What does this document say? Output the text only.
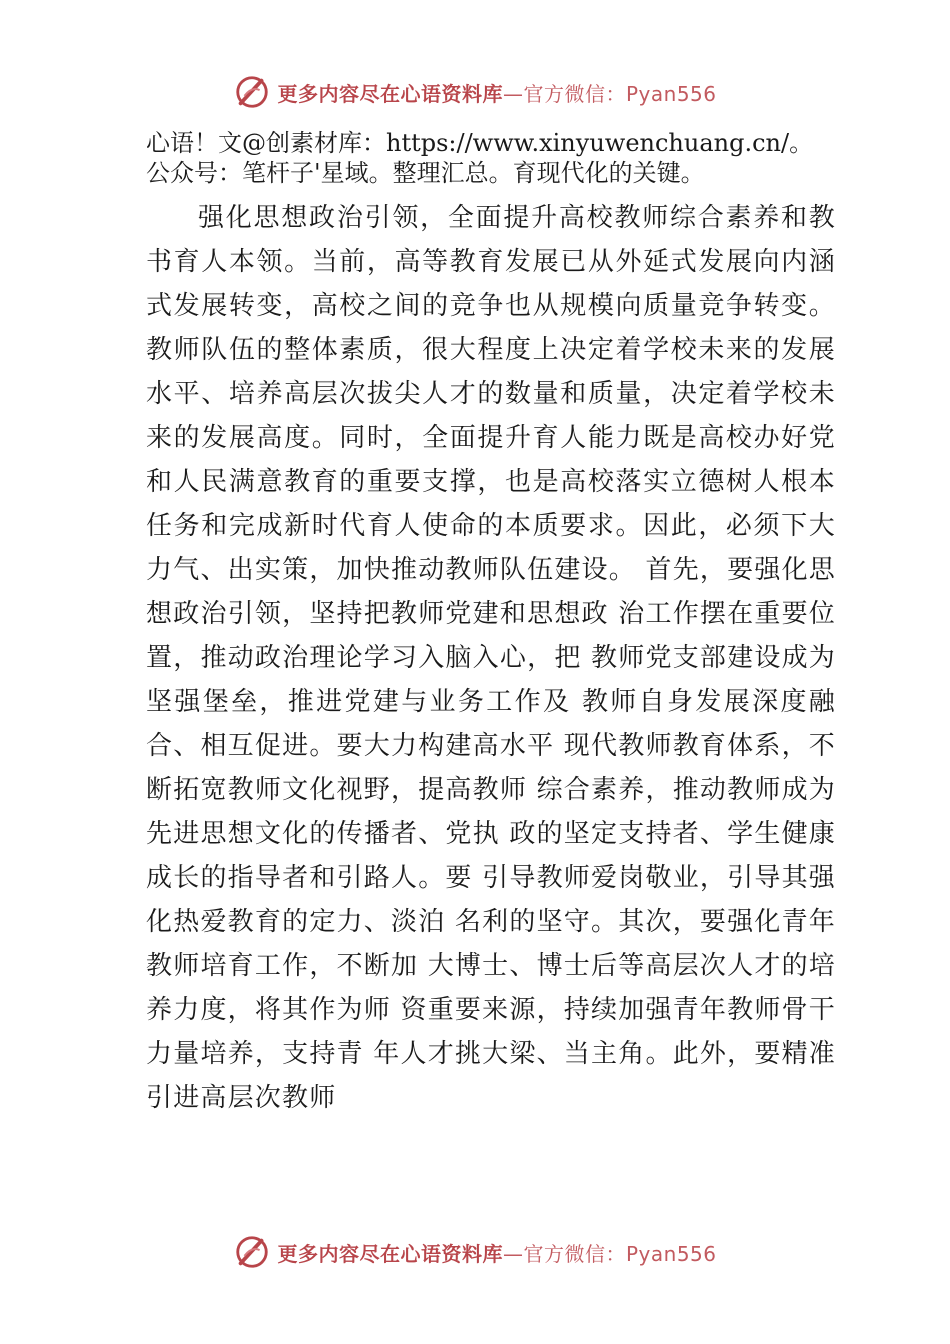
更多内容尽在心语资料库—官方微信：Pyan556

心语！文@创素材库：https://www.xinyuwenchuang.cn/。

公众号：笔杆子'星域。整理汇总。育现代化的关键。

强化思想政治引领，全面提升高校教师综合素养和教书育人本领。当前，高等教育发展已从外延式发展向内涵式发展转变，高校之间的竞争也从规模向质量竞争转变。教师队伍的整体素质，很大程度上决定着学校未来的发展水平、培养高层次拔尖人才的数量和质量，决定着学校未来的发展高度。同时，全面提升育人能力既是高校办好党和人民满意教育的重要支撑，也是高校落实立德树人根本任务和完成新时代育人使命的本质要求。因此，必须下大力气、出实策，加快推动教师队伍建设。 首先，要强化思想政治引领，坚持把教师党建和思想政 治工作摆在重要位置，推动政治理论学习入脑入心，把 教师党支部建设成为坚强堡垒，推进党建与业务工作及 教师自身发展深度融合、相互促进。要大力构建高水平 现代教师教育体系，不断拓宽教师文化视野，提高教师 综合素养，推动教师成为先进思想文化的传播者、党执 政的坚定支持者、学生健康成长的指导者和引路人。要 引导教师爱岗敬业，引导其强化热爱教育的定力、淡泊 名利的坚守。其次，要强化青年教师培育工作，不断加 大博士、博士后等高层次人才的培养力度，将其作为师 资重要来源，持续加强青年教师骨干力量培养，支持青 年人才挑大梁、当主角。此外，要精准引进高层次教师

更多内容尽在心语资料库—官方微信：Pyan556
